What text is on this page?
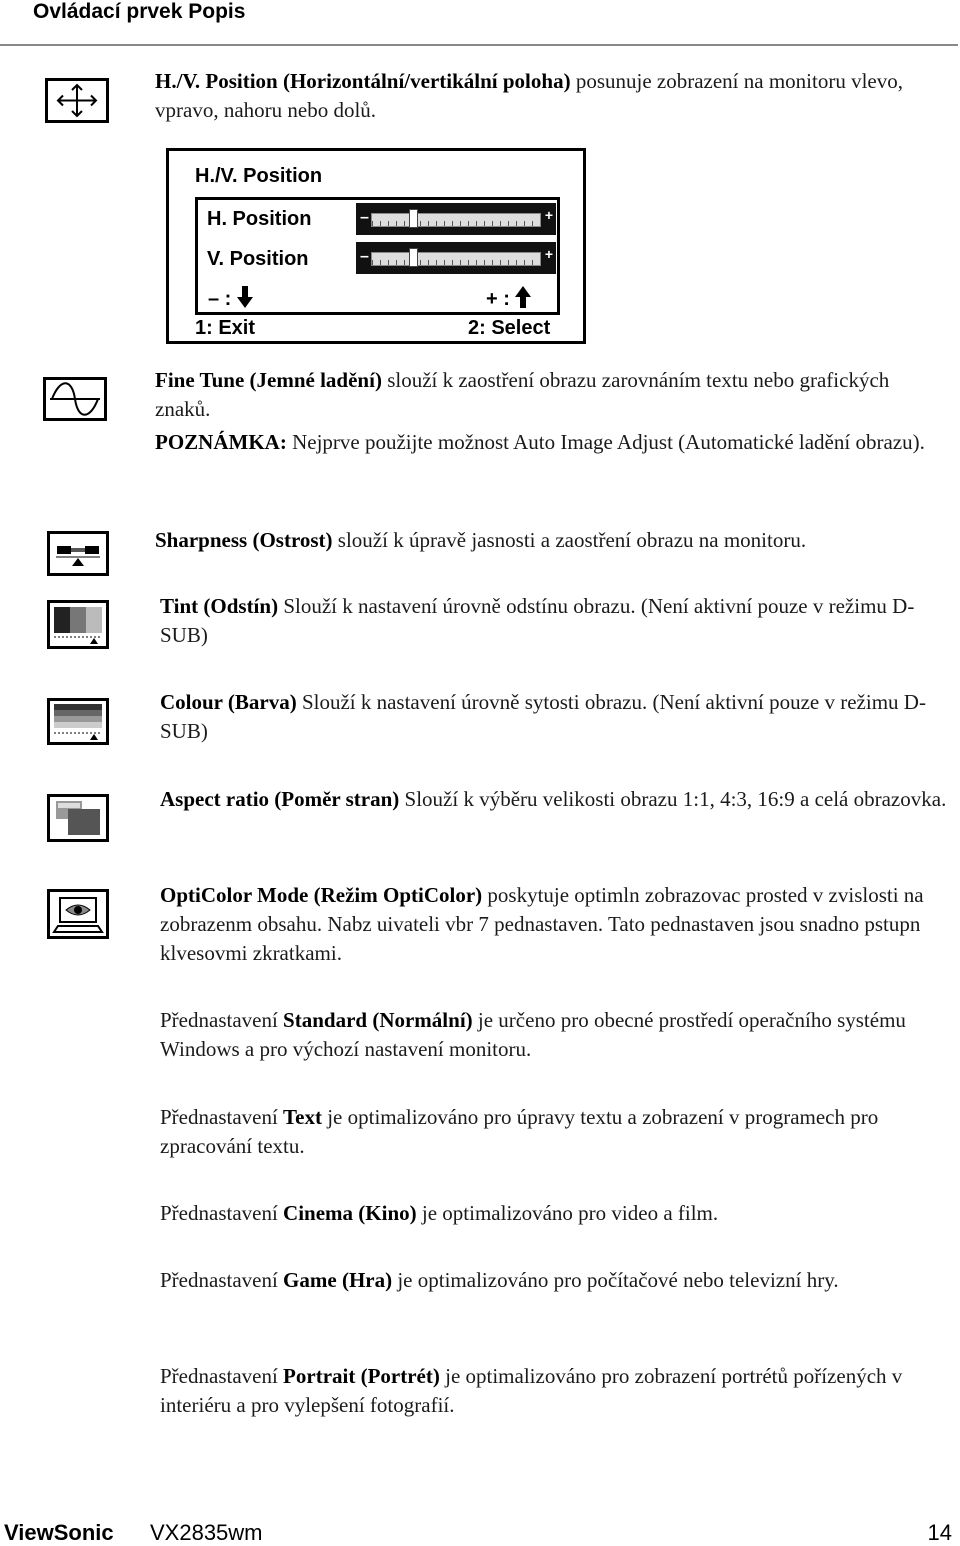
Ovládací prvek Popis
H./V. Position (Horizontální/vertikální poloha) posunuje zobrazení na monitoru vlevo, vpravo, nahoru nebo dolů.
H./V. Position
H. Position	–	+
V. Position	–	+
– :	+ :
1: Exit	2: Select
Fine Tune (Jemné ladění) slouží k zaostření obrazu zarovnáním textu nebo grafických znaků.
POZNÁMKA: Nejprve použijte možnost Auto Image Adjust (Automatické ladění obrazu).
Sharpness (Ostrost) slouží k úpravě jasnosti a zaostření obrazu na monitoru.
Tint (Odstín) Slouží k nastavení úrovně odstínu obrazu. (Není aktivní pouze v režimu D-SUB)
Colour (Barva) Slouží k nastavení úrovně sytosti obrazu. (Není aktivní pouze v režimu D-SUB)
Aspect ratio (Poměr stran) Slouží k výběru velikosti obrazu 1:1, 4:3, 16:9 a celá obrazovka.
OptiColor Mode (Režim OptiColor) poskytuje optimln zobrazovac prosted v zvislosti na zobrazenm obsahu. Nabz uivateli vbr 7 pednastaven. Tato pednastaven jsou snadno pstupn klvesovmi zkratkami.
Přednastavení Standard (Normální) je určeno pro obecné prostředí operačního systému Windows a pro výchozí nastavení monitoru.
Přednastavení Text je optimalizováno pro úpravy textu a zobrazení v programech pro zpracování textu.
Přednastavení Cinema (Kino) je optimalizováno pro video a film.
Přednastavení Game (Hra) je optimalizováno pro počítačové nebo televizní hry.
Přednastavení Portrait (Portrét) je optimalizováno pro zobrazení portrétů pořízených v interiéru a pro vylepšení fotografií.
ViewSonic VX2835wm	14
